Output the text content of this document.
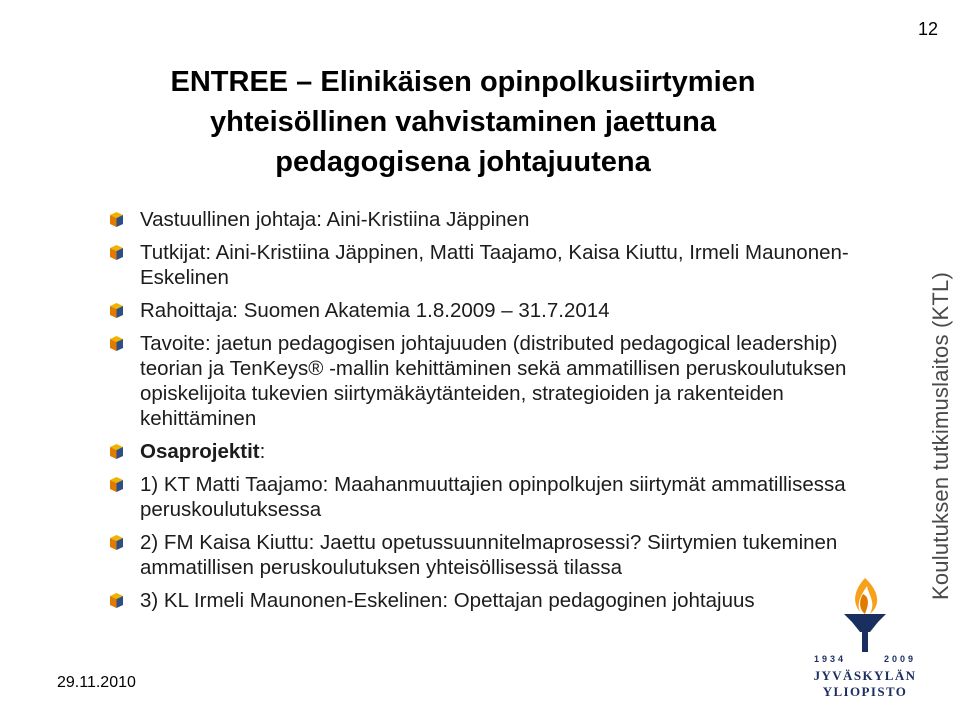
12
ENTREE – Elinikäisen opinpolkusiirtymien
yhteisöllinen vahvistaminen jaettuna
pedagogisena johtajuutena
Vastuullinen johtaja: Aini-Kristiina Jäppinen
Tutkijat: Aini-Kristiina Jäppinen, Matti Taajamo, Kaisa Kiuttu, Irmeli Maunonen-Eskelinen
Rahoittaja: Suomen Akatemia 1.8.2009 – 31.7.2014
Tavoite: jaetun pedagogisen johtajuuden (distributed pedagogical leadership) teorian ja TenKeys® -mallin kehittäminen sekä ammatillisen peruskoulutuksen opiskelijoita tukevien siirtymäkäytänteiden, strategioiden ja rakenteiden kehittäminen
Osaprojektit:
1) KT Matti Taajamo: Maahanmuuttajien opinpolkujen siirtymät ammatillisessa peruskoulutuksessa
2) FM Kaisa Kiuttu: Jaettu opetussuunnitelmaprosessi? Siirtymien tukeminen ammatillisen peruskoulutuksen yhteisöllisessä tilassa
3) KL Irmeli Maunonen-Eskelinen: Opettajan pedagoginen johtajuus
Koulutuksen tutkimuslaitos (KTL)
29.11.2010
1934	2009
JYVÄSKYLÄN YLIOPISTO
